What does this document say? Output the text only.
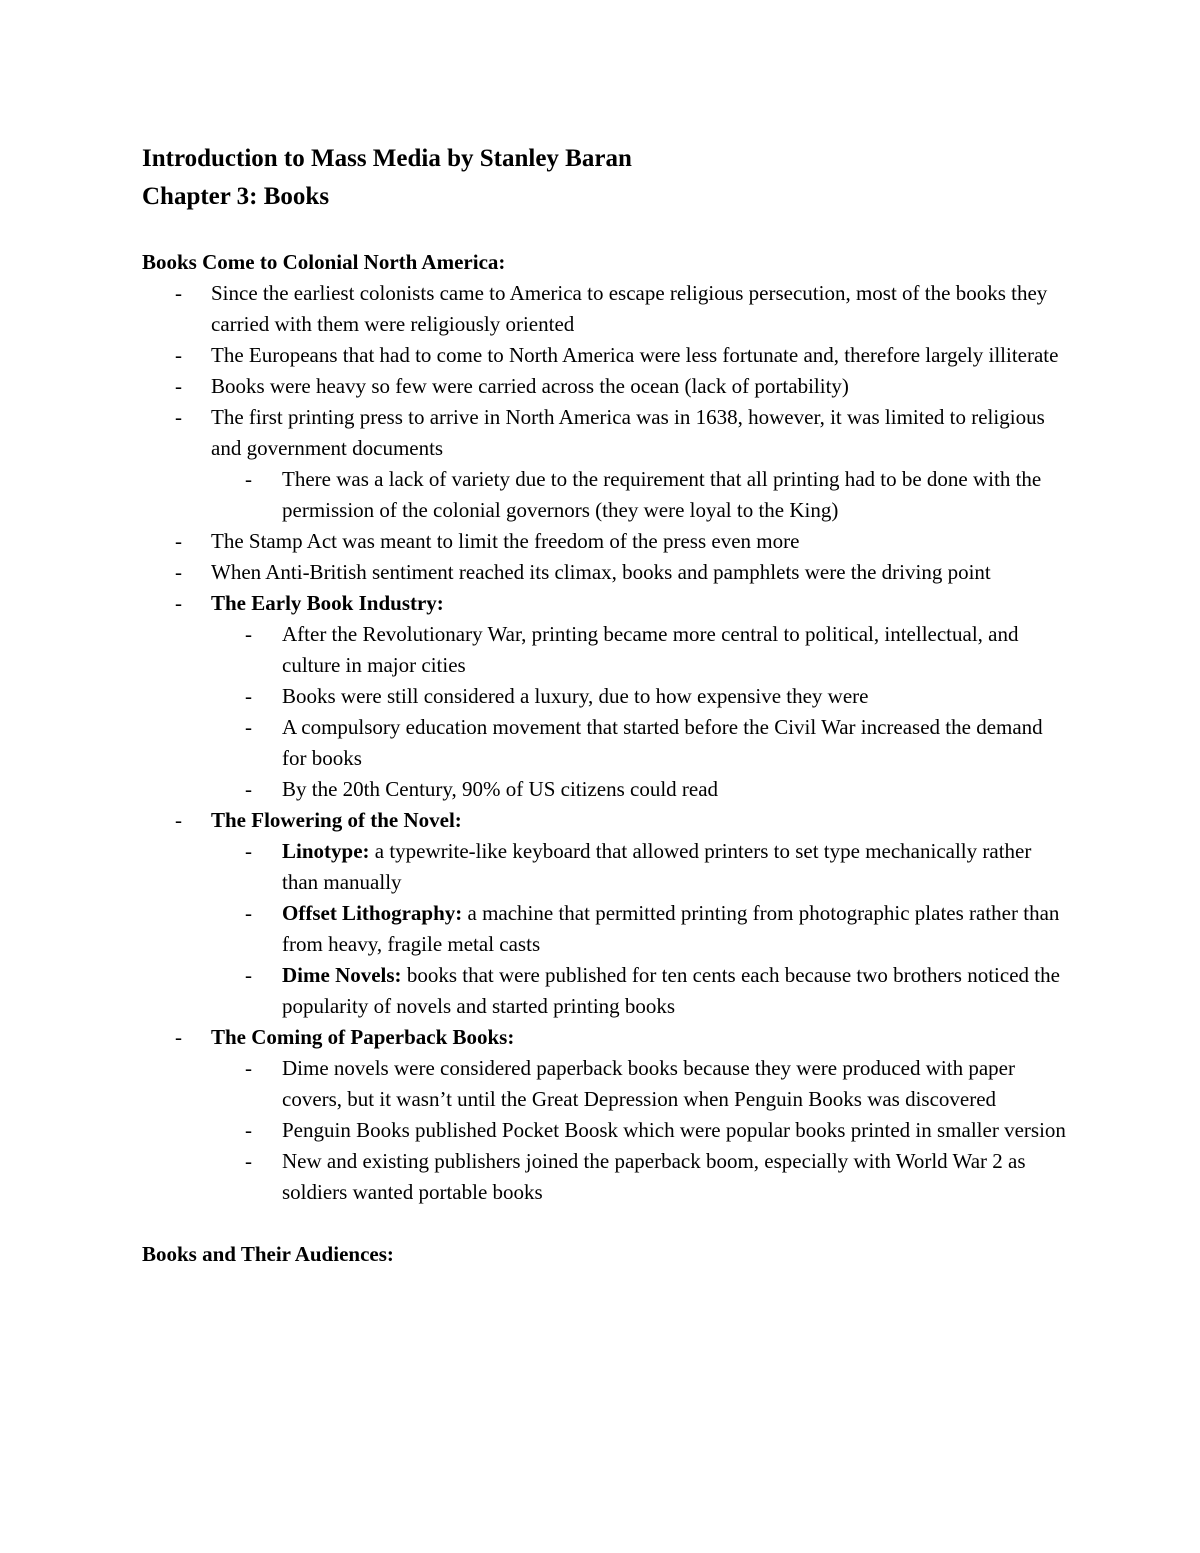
Introduction to Mass Media by Stanley Baran

Chapter 3: Books

Books Come to Colonial North America:

- Since the earliest colonists came to America to escape religious persecution, most of the books they carried with them were religiously oriented
- The Europeans that had to come to North America were less fortunate and, therefore largely illiterate
- Books were heavy so few were carried across the ocean (lack of portability)
- The first printing press to arrive in North America was in 1638, however, it was limited to religious and government documents
- There was a lack of variety due to the requirement that all printing had to be done with the permission of the colonial governors (they were loyal to the King)
- The Stamp Act was meant to limit the freedom of the press even more
- When Anti-British sentiment reached its climax, books and pamphlets were the driving point
- The Early Book Industry:
- After the Revolutionary War, printing became more central to political, intellectual, and culture in major cities
- Books were still considered a luxury, due to how expensive they were
- A compulsory education movement that started before the Civil War increased the demand for books
- By the 20th Century, 90% of US citizens could read
- The Flowering of the Novel:
- Linotype: a typewrite-like keyboard that allowed printers to set type mechanically rather than manually
- Offset Lithography: a machine that permitted printing from photographic plates rather than from heavy, fragile metal casts
- Dime Novels: books that were published for ten cents each because two brothers noticed the popularity of novels and started printing books
- The Coming of Paperback Books:
- Dime novels were considered paperback books because they were produced with paper covers, but it wasn’t until the Great Depression when Penguin Books was discovered
- Penguin Books published Pocket Boosk which were popular books printed in smaller version
- New and existing publishers joined the paperback boom, especially with World War 2 as soldiers wanted portable books

Books and Their Audiences:
